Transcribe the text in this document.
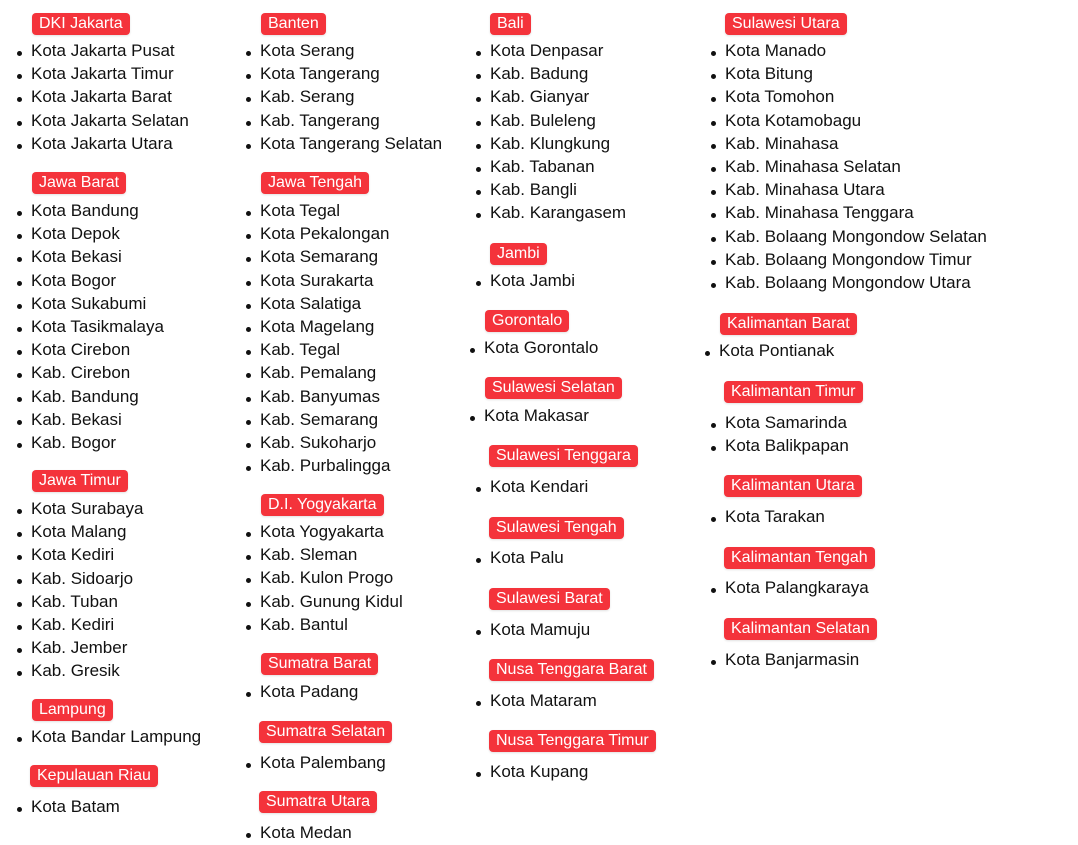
DKI Jakarta
Kota Jakarta Pusat
Kota Jakarta Timur
Kota Jakarta Barat
Kota Jakarta Selatan
Kota Jakarta Utara
Jawa Barat
Kota Bandung
Kota Depok
Kota Bekasi
Kota Bogor
Kota Sukabumi
Kota Tasikmalaya
Kota Cirebon
Kab. Cirebon
Kab. Bandung
Kab. Bekasi
Kab. Bogor
Jawa Timur
Kota Surabaya
Kota Malang
Kota Kediri
Kab. Sidoarjo
Kab. Tuban
Kab. Kediri
Kab. Jember
Kab. Gresik
Lampung
Kota Bandar Lampung
Kepulauan Riau
Kota Batam
Banten
Kota Serang
Kota Tangerang
Kab. Serang
Kab. Tangerang
Kota Tangerang Selatan
Jawa Tengah
Kota Tegal
Kota Pekalongan
Kota Semarang
Kota Surakarta
Kota Salatiga
Kota Magelang
Kab. Tegal
Kab. Pemalang
Kab. Banyumas
Kab. Semarang
Kab. Sukoharjo
Kab. Purbalingga
D.I. Yogyakarta
Kota Yogyakarta
Kab. Sleman
Kab. Kulon Progo
Kab. Gunung Kidul
Kab. Bantul
Sumatra Barat
Kota Padang
Sumatra Selatan
Kota Palembang
Sumatra Utara
Kota Medan
Bali
Kota Denpasar
Kab. Badung
Kab. Gianyar
Kab. Buleleng
Kab. Klungkung
Kab. Tabanan
Kab. Bangli
Kab. Karangasem
Jambi
Kota Jambi
Gorontalo
Kota Gorontalo
Sulawesi Selatan
Kota Makasar
Sulawesi Tenggara
Kota Kendari
Sulawesi Tengah
Kota Palu
Sulawesi Barat
Kota Mamuju
Nusa Tenggara Barat
Kota Mataram
Nusa Tenggara Timur
Kota Kupang
Sulawesi Utara
Kota Manado
Kota Bitung
Kota Tomohon
Kota Kotamobagu
Kab. Minahasa
Kab. Minahasa Selatan
Kab. Minahasa Utara
Kab. Minahasa Tenggara
Kab. Bolaang Mongondow Selatan
Kab. Bolaang Mongondow Timur
Kab. Bolaang Mongondow Utara
Kalimantan Barat
Kota Pontianak
Kalimantan Timur
Kota Samarinda
Kota Balikpapan
Kalimantan Utara
Kota Tarakan
Kalimantan Tengah
Kota Palangkaraya
Kalimantan Selatan
Kota Banjarmasin
